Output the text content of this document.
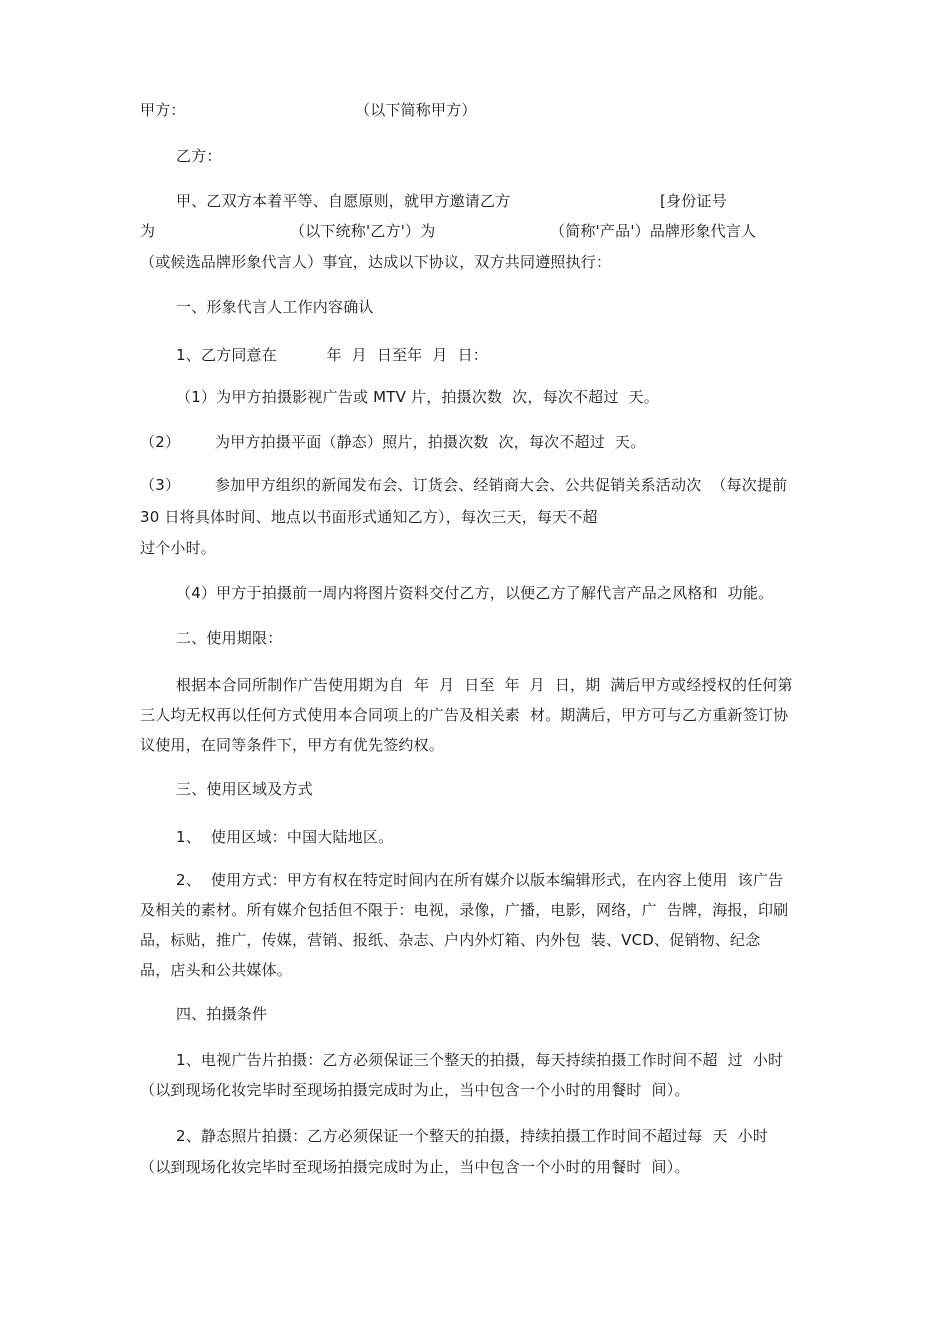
甲方：	（以下简称甲方）
乙方：
甲、乙双方本着平等、自愿原则，就甲方邀请乙方	[身份证号
为	（以下统称'乙方'）为	（简称'产品'）品牌形象代言人
（或候选品牌形象代言人）事宜，达成以下协议，双方共同遵照执行：
一、形象代言人工作内容确认
1、乙方同意在          年  月  日至年  月  日：
（1）为甲方拍摄影视广告或 MTV 片，拍摄次数  次，每次不超过  天。
（2） 为甲方拍摄平面（静态）照片，拍摄次数  次，每次不超过  天。
（3） 参加甲方组织的新闻发布会、订货会、经销商大会、公共促销关系活动次  （每次提前
30 日将具体时间、地点以书面形式通知乙方），每次三天，每天不超
过个小时。
（4）甲方于拍摄前一周内将图片资料交付乙方，以便乙方了解代言产品之风格和  功能。
二、使用期限：
根据本合同所制作广告使用期为自  年  月  日至  年  月  日，期  满后甲方或经授权的任何第
三人均无权再以任何方式使用本合同项上的广告及相关素  材。期满后，甲方可与乙方重新签订协
议使用，在同等条件下，甲方有优先签约权。
三、使用区域及方式
1、  使用区域：中国大陆地区。
2、  使用方式：甲方有权在特定时间内在所有媒介以版本编辑形式，在内容上使用  该广告
及相关的素材。所有媒介包括但不限于：电视，录像，广播，电影，网络，广  告牌，海报，印刷
品，标贴，推广，传媒，营销、报纸、杂志、户内外灯箱、内外包  装、VCD、促销物、纪念
品，店头和公共媒体。
四、拍摄条件
1、电视广告片拍摄：乙方必须保证三个整天的拍摄，每天持续拍摄工作时间不超  过  小时
（以到现场化妆完毕时至现场拍摄完成时为止，当中包含一个小时的用餐时  间）。
2、静态照片拍摄：乙方必须保证一个整天的拍摄，持续拍摄工作时间不超过每  天  小时
（以到现场化妆完毕时至现场拍摄完成时为止，当中包含一个小时的用餐时  间）。
